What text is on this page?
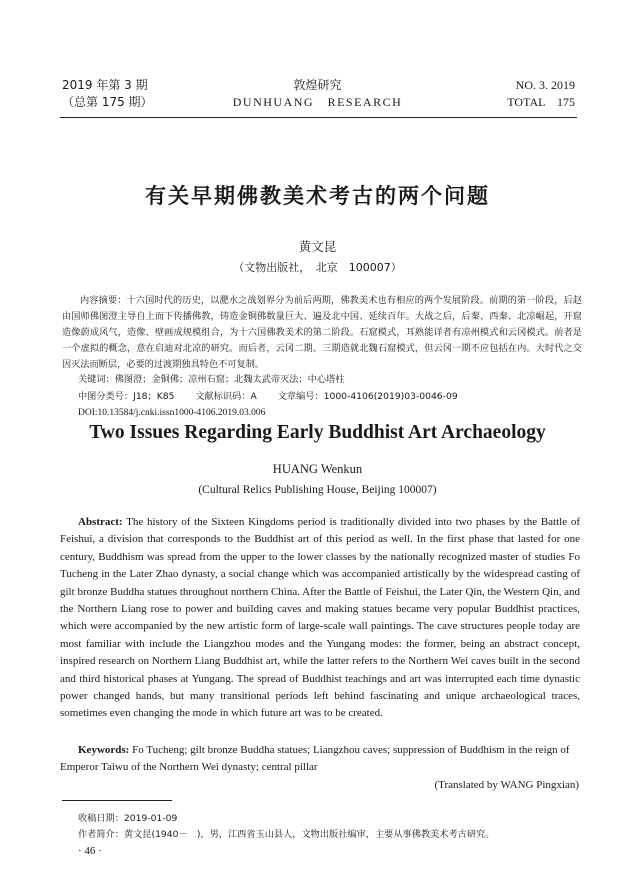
2019 年第 3 期
（总第 175 期）
敦煌研究
DUNHUANG　RESEARCH
NO. 3. 2019
TOTAL　175
有关早期佛教美术考古的两个问题
黄文昆
（文物出版社，　北京　100007）
内容摘要：十六国时代的历史，以淝水之战划界分为前后两期，佛教美术也有相应的两个发展阶段。前期的第一阶段，后赵由国师佛图澄主导自上而下传播佛教，铸造金铜佛数量巨大、遍及北中国、延续百年。大战之后，后秦、西秦、北凉崛起，开窟造像蔚成风气，造像、壁画成规模组合，为十六国佛教美术的第二阶段。石窟模式，耳熟能详者有凉州模式和云冈模式。前者是一个虚拟的概念，意在启迪对北凉的研究。而后者，云冈二期、三期造就北魏石窟模式，但云冈一期不应包括在内。大时代之交因灭法而断层，必要的过渡期独具特色不可复制。
关键词：佛图澄；金铜佛；凉州石窟；北魏太武帝灭法；中心塔柱
中图分类号：J18；K85 文献标识码：A 文章编号：1000-4106(2019)03-0046-09
DOI:10.13584/j.cnki.issn1000-4106.2019.03.006
Two Issues Regarding Early Buddhist Art Archaeology
HUANG Wenkun
(Cultural Relics Publishing House, Beijing 100007)
Abstract: The history of the Sixteen Kingdoms period is traditionally divided into two phases by the Battle of Feishui, a division that corresponds to the Buddhist art of this period as well. In the first phase that lasted for one century, Buddhism was spread from the upper to the lower classes by the nationally recognized master of studies Fo Tucheng in the Later Zhao dynasty, a social change which was accompanied artistically by the widespread casting of gilt bronze Buddha statues throughout northern China. After the Battle of Feishui, the Later Qin, the Western Qin, and the Northern Liang rose to power and building caves and making statues became very popular Buddhist practices, which were accompanied by the new artistic form of large-scale wall paintings. The cave structures people today are most familiar with include the Liangzhou modes and the Yungang modes: the former, being an abstract concept, inspired research on Northern Liang Buddhist art, while the latter refers to the Northern Wei caves built in the second and third historical phases at Yungang. The spread of Buddhist teachings and art was interrupted each time dynastic power changed hands, but many transitional periods left behind fascinating and unique archaeological traces, sometimes even changing the mode in which future art was to be created.
Keywords: Fo Tucheng; gilt bronze Buddha statues; Liangzhou caves; suppression of Buddhism in the reign of Emperor Taiwu of the Northern Wei dynasty; central pillar
(Translated by WANG Pingxian)
收稿日期：2019-01-09
作者简介：黄文昆(1940－　)，男，江西省玉山县人，文物出版社编审，主要从事佛教美术考古研究。
· 46 ·
